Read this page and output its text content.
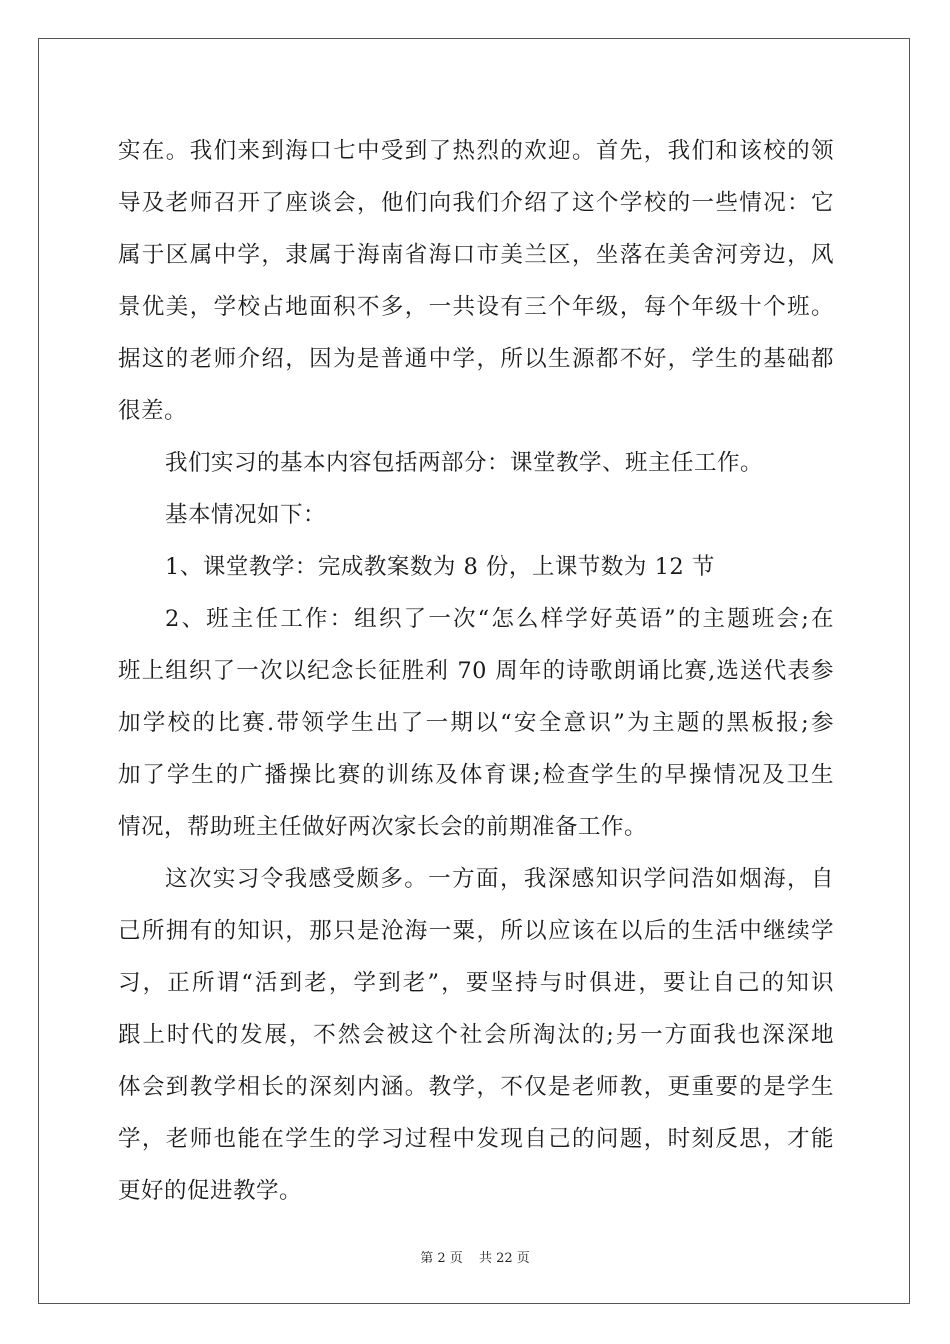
实在。我们来到海口七中受到了热烈的欢迎。首先，我们和该校的领
导及老师召开了座谈会，他们向我们介绍了这个学校的一些情况：它
属于区属中学，隶属于海南省海口市美兰区，坐落在美舍河旁边，风
景优美，学校占地面积不多，一共设有三个年级，每个年级十个班。
据这的老师介绍，因为是普通中学，所以生源都不好，学生的基础都
很差。
我们实习的基本内容包括两部分：课堂教学、班主任工作。
基本情况如下：
1、课堂教学：完成教案数为 8 份，上课节数为 12 节
2、班主任工作：组织了一次“怎么样学好英语”的主题班会;在
班上组织了一次以纪念长征胜利 70 周年的诗歌朗诵比赛,选送代表参
加学校的比赛.带领学生出了一期以“安全意识”为主题的黑板报;参
加了学生的广播操比赛的训练及体育课;检查学生的早操情况及卫生
情况，帮助班主任做好两次家长会的前期准备工作。
这次实习令我感受颇多。一方面，我深感知识学问浩如烟海，自
己所拥有的知识，那只是沧海一粟，所以应该在以后的生活中继续学
习，正所谓“活到老，学到老”，要坚持与时俱进，要让自己的知识
跟上时代的发展，不然会被这个社会所淘汰的;另一方面我也深深地
体会到教学相长的深刻内涵。教学，不仅是老师教，更重要的是学生
学，老师也能在学生的学习过程中发现自己的问题，时刻反思，才能
更好的促进教学。
第 2 页 共 22 页
